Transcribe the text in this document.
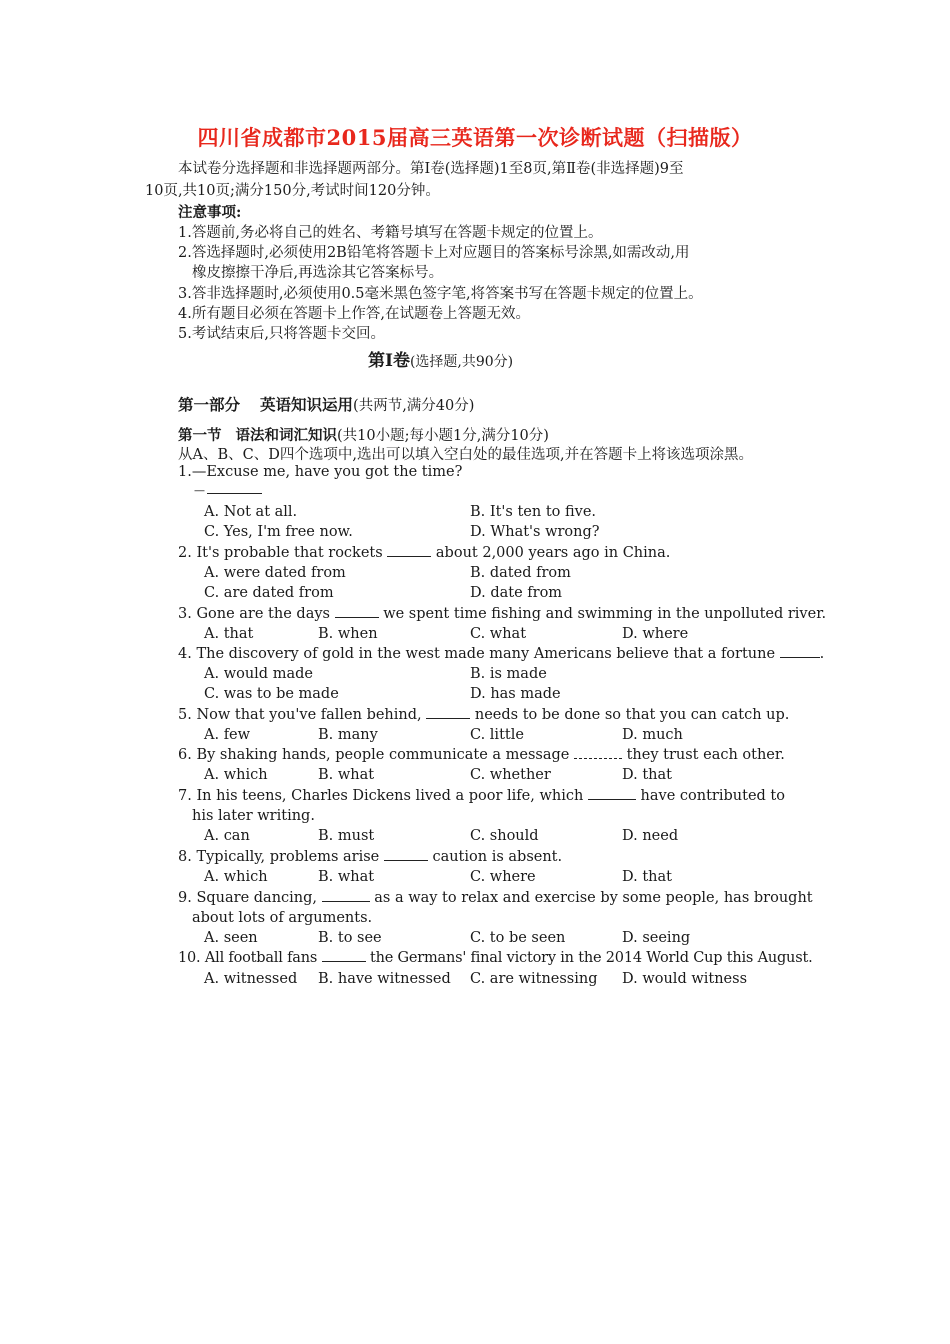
四川省成都市2015届高三英语第一次诊断试题（扫描版）
本试卷分选择题和非选择题两部分。第Ⅰ卷(选择题)1至8页,第Ⅱ卷(非选择题)9至
10页,共10页;满分150分,考试时间120分钟。
注意事项:
1.答题前,务必将自己的姓名、考籍号填写在答题卡规定的位置上。
2.答选择题时,必须使用2B铅笔将答题卡上对应题目的答案标号涂黑,如需改动,用
橡皮擦擦干净后,再选涂其它答案标号。
3.答非选择题时,必须使用0.5毫米黑色签字笔,将答案书写在答题卡规定的位置上。
4.所有题目必须在答题卡上作答,在试题卷上答题无效。
5.考试结束后,只将答题卡交回。
第Ⅰ卷(选择题,共90分)
第一部分 英语知识运用(共两节,满分40分)
第一节 语法和词汇知识(共10小题;每小题1分,满分10分)
从A、B、C、D四个选项中,选出可以填入空白处的最佳选项,并在答题卡上将该选项涂黑。
1.—Excuse me, have you got the time?
—
A. Not at all.	B. It's ten to five.
C. Yes, I'm free now.	D. What's wrong?
2. It's probable that rockets	about 2,000 years ago in China.
A. were dated from	B. dated from
C. are dated from	D. date from
3. Gone are the days	we spent time fishing and swimming in the unpolluted river.
A. that	B. when	C. what	D. where
4. The discovery of gold in the west made many Americans believe that a fortune	.
A. would made	B. is made
C. was to be made	D. has made
5. Now that you've fallen behind,	needs to be done so that you can catch up.
A. few	B. many	C. little	D. much
6. By shaking hands, people communicate a message	they trust each other.
A. which	B. what	C. whether	D. that
7. In his teens, Charles Dickens lived a poor life, which	have contributed to
his later writing.
A. can	B. must	C. should	D. need
8. Typically, problems arise	caution is absent.
A. which	B. what	C. where	D. that
9. Square dancing,	as a way to relax and exercise by some people, has brought
about lots of arguments.
A. seen	B. to see	C. to be seen	D. seeing
10. All football fans	the Germans' final victory in the 2014 World Cup this August.
A. witnessed B. have witnessed C. are witnessing D. would witness
